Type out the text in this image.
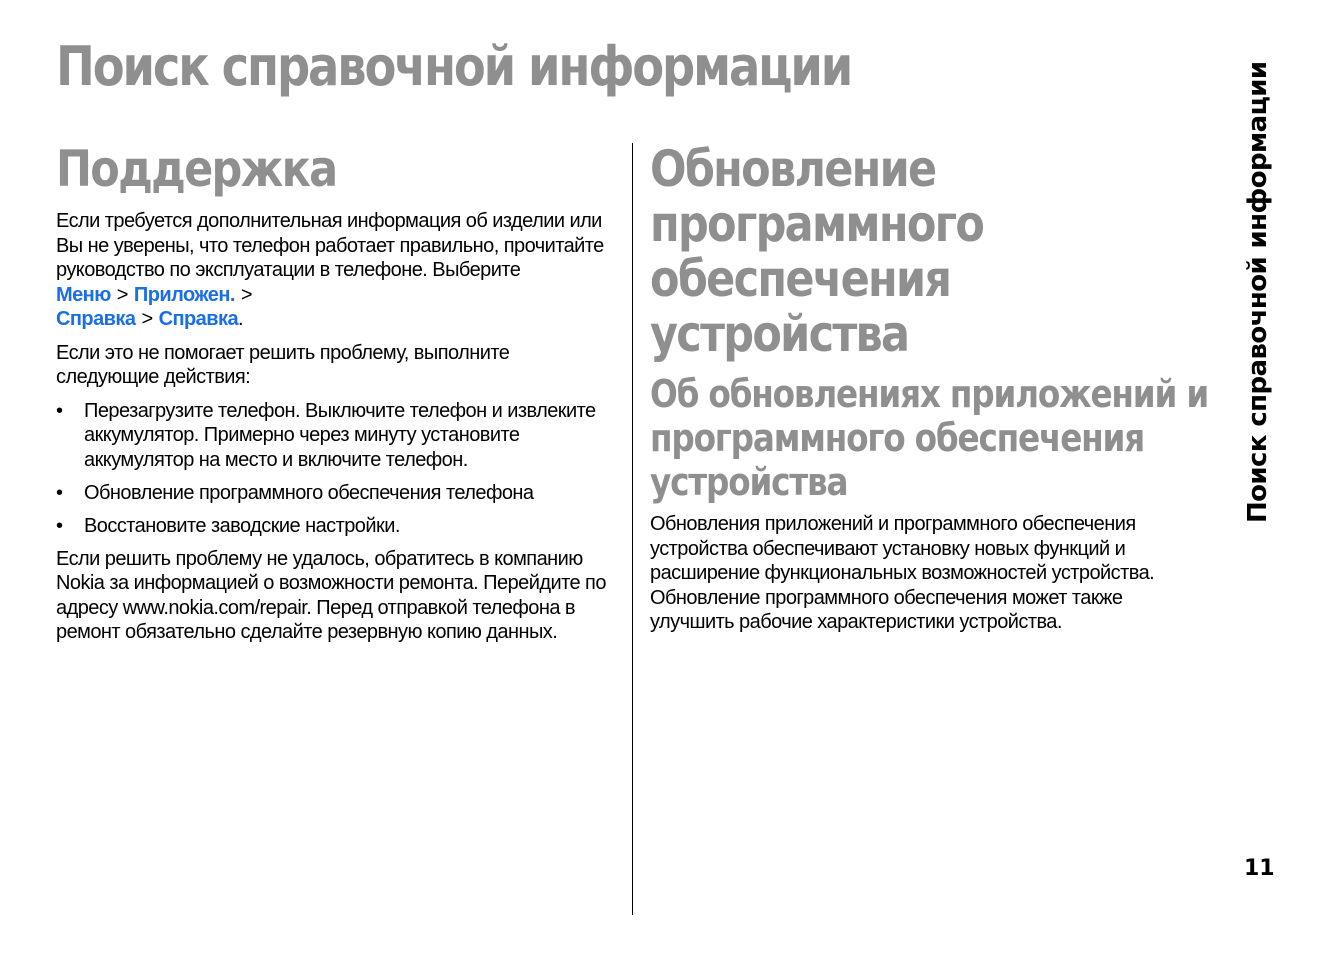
Поиск справочной информации
Поддержка

Если требуется дополнительная информация об изделии или Вы не уверены, что телефон работает правильно, прочитайте руководство по эксплуатации в телефоне. Выберите Меню > Приложен. >
Справка > Справка.

Если это не помогает решить проблему, выполните следующие действия:

• Перезагрузите телефон. Выключите телефон и извлеките аккумулятор. Примерно через минуту установите аккумулятор на место и включите телефон.
• Обновление программного обеспечения телефона
• Восстановите заводские настройки.

Если решить проблему не удалось, обратитесь в компанию Nokia за информацией о возможности ремонта. Перейдите по адресу www.nokia.com/repair. Перед отправкой телефона в ремонт обязательно сделайте резервную копию данных.

Обновление программного обеспечения устройства
Об обновлениях приложений и программного обеспечения устройства

Обновления приложений и программного обеспечения устройства обеспечивают установку новых функций и расширение функциональных возможностей устройства. Обновление программного обеспечения может также улучшить рабочие характеристики устройства.

Поиск справочной информации
11
